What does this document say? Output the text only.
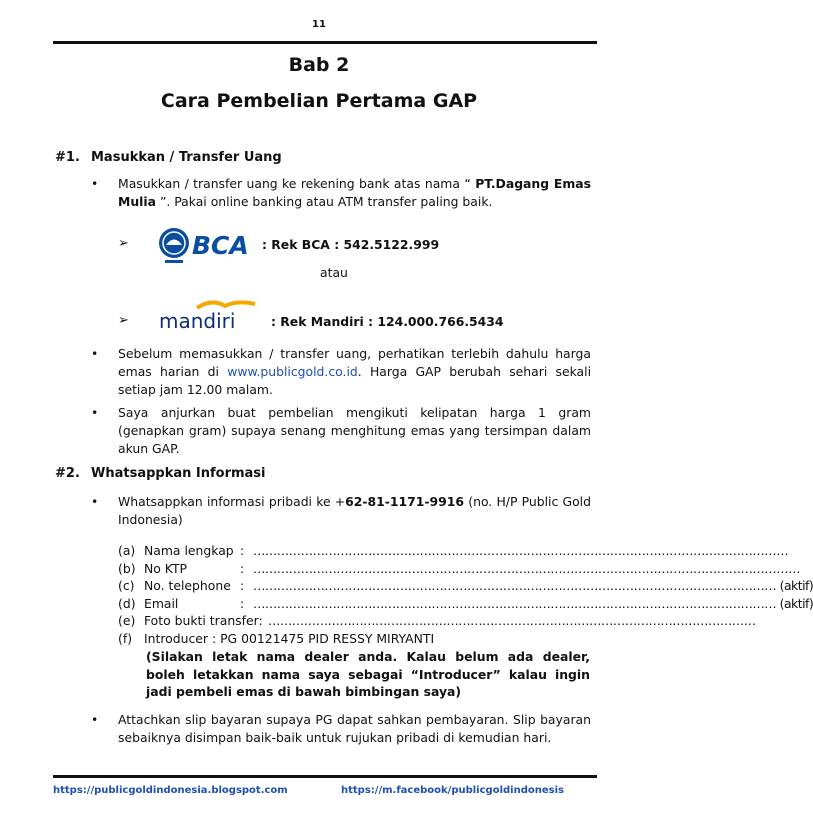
11
Bab 2
Cara Pembelian Pertama GAP
#1. Masukkan / Transfer Uang
• Masukkan / transfer uang ke rekening bank atas nama “ PT.Dagang Emas Mulia ”. Pakai online banking atau ATM transfer paling baik.
➢	BCA : Rek BCA : 542.5122.999
atau
➢ mandiri	: Rek Mandiri : 124.000.766.5434
• Sebelum memasukkan / transfer uang, perhatikan terlebih dahulu harga emas harian di www.publicgold.co.id. Harga GAP berubah sehari sekali setiap jam 12.00 malam.
• Saya anjurkan buat pembelian mengikuti kelipatan harga 1 gram (genapkan gram) supaya senang menghitung emas yang tersimpan dalam akun GAP.
#2. Whatsappkan Informasi
• Whatsappkan informasi pribadi ke +62-81-1171-9916 (no. H/P Public Gold Indonesia)
(a) Nama lengkap : ………………………………………………………………………………………………………………………
(b) No KTP	: …………………………………………………………………………………………………………………………
(c) No. telephone : …………………………………………………………………………………………………………………… (aktif)
(d) Email	: …………………………………………………………………………………………………………………… (aktif)
(e) Foto bukti transfer: ……………………………………………………………………………………………………………
(f) Introducer : PG 00121475 PID RESSY MIRYANTI
(Silakan letak nama dealer anda. Kalau belum ada dealer, boleh letakkan nama saya sebagai “Introducer” kalau ingin jadi pembeli emas di bawah bimbingan saya)
• Attachkan slip bayaran supaya PG dapat sahkan pembayaran. Slip bayaran sebaiknya disimpan baik-baik untuk rujukan pribadi di kemudian hari.
https://publicgoldindonesia.blogspot.com	https://m.facebook/publicgoldindonesis
